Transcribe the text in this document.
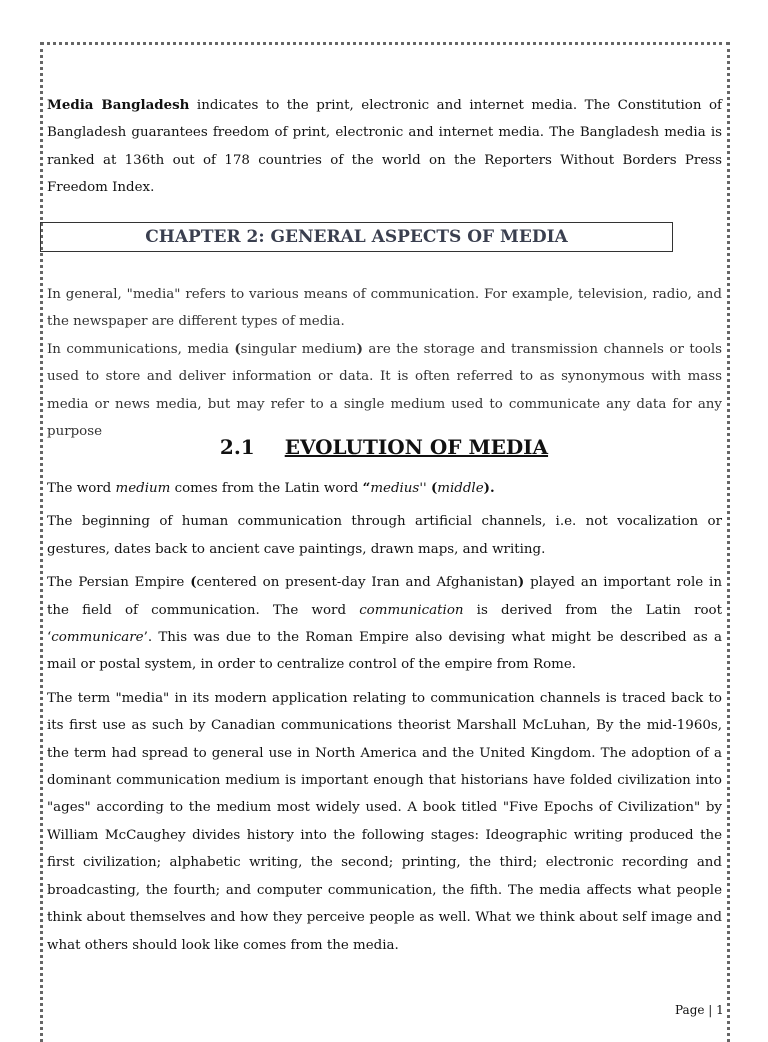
Media Bangladesh indicates to the print, electronic and internet media. The Constitution of Bangladesh guarantees freedom of print, electronic and internet media. The Bangladesh media is ranked at 136th out of 178 countries of the world on the Reporters Without Borders Press Freedom Index.

CHAPTER 2: GENERAL ASPECTS OF MEDIA

In general, "media" refers to various means of communication. For example, television, radio, and the newspaper are different types of media.

In communications, media (singular medium) are the storage and transmission channels or tools used to store and deliver information or data. It is often referred to as synonymous with mass media or news media, but may refer to a single medium used to communicate any data for any purpose

2.1 EVOLUTION OF MEDIA

The word medium comes from the Latin word “medius'' (middle).

The beginning of human communication through artificial channels, i.e. not vocalization or gestures, dates back to ancient cave paintings, drawn maps, and writing.

The Persian Empire (centered on present-day Iran and Afghanistan) played an important role in the field of communication. The word communication is derived from the Latin root ‘communicare’. This was due to the Roman Empire also devising what might be described as a mail or postal system, in order to centralize control of the empire from Rome.

The term "media" in its modern application relating to communication channels is traced back to its first use as such by Canadian communications theorist Marshall McLuhan, By the mid-1960s, the term had spread to general use in North America and the United Kingdom. The adoption of a dominant communication medium is important enough that historians have folded civilization into "ages" according to the medium most widely used. A book titled "Five Epochs of Civilization" by William McCaughey divides history into the following stages: Ideographic writing produced the first civilization; alphabetic writing, the second; printing, the third; electronic recording and broadcasting, the fourth; and computer communication, the fifth. The media affects what people think about themselves and how they perceive people as well. What we think about self image and what others should look like comes from the media.

Page | 1
